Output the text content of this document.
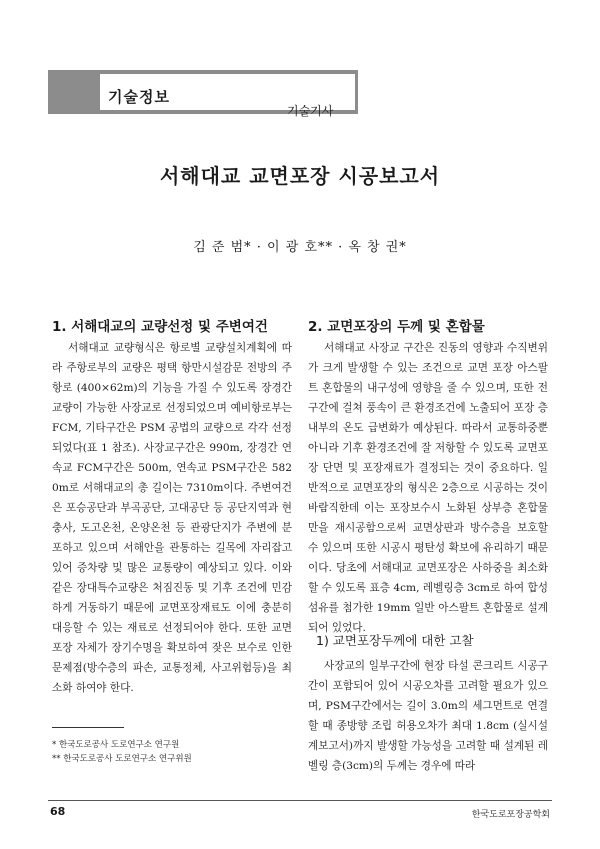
기술정보
기술기사
서해대교 교면포장 시공보고서
김 준 범* · 이 광 호** · 옥 창 권*
1. 서해대교의 교량선정 및 주변여건
서해대교 교량형식은 항로별 교량설치계획에 따라 주항로부의 교량은 평택 항만시설감문 전방의 주항로 (400×62m)의 기능을 가질 수 있도록 장경간 교량이 가능한 사장교로 선정되었으며 예비항로부는 FCM, 기타구간은 PSM 공법의 교량으로 각각 선정되었다(표 1 참조). 사장교구간은 990m, 장경간 연속교 FCM구간은 500m, 연속교 PSM구간은 5820m로 서해대교의 총 길이는 7310m이다. 주변여건은 포승공단과 부곡공단, 고대공단 등 공단지역과 현충사, 도고온천, 온양온천 등 관광단지가 주변에 분포하고 있으며 서해안을 관통하는 길목에 자리잡고 있어 증차량 및 많은 교통량이 예상되고 있다. 이와 같은 장대특수교량은 처짐진동 및 기후 조건에 민감하게 거동하기 때문에 교면포장재료도 이에 충분히 대응할 수 있는 재료로 선정되어야 한다. 또한 교면포장 자체가 장기수명을 확보하여 잦은 보수로 인한 문제점(방수층의 파손, 교통정체, 사고위험등)을 최소화 하여야 한다.
2. 교면포장의 두께 및 혼합물
서해대교 사장교 구간은 진동의 영향과 수직변위가 크게 발생할 수 있는 조건으로 교면 포장 아스팔트 혼합물의 내구성에 영향을 줄 수 있으며, 또한 전구간에 걸쳐 풍속이 큰 환경조건에 노출되어 포장 층 내부의 온도 급변화가 예상된다. 따라서 교통하중뿐 아니라 기후 환경조건에 잘 저항할 수 있도록 교면포장 단면 및 포장재료가 결정되는 것이 중요하다. 일반적으로 교면포장의 형식은 2층으로 시공하는 것이 바람직한데 이는 포장보수시 노화된 상부층 혼합물만을 재시공함으로써 교면상판과 방수층을 보호할 수 있으며 또한 시공시 평탄성 확보에 유리하기 때문이다. 당초에 서해대교 교면포장은 사하중을 최소화 할 수 있도록 표층 4cm, 레벨링층 3cm로 하여 합성섬유를 첨가한 19mm 일반 아스팔트 혼합물로 설계되어 있었다.
1) 교면포장두께에 대한 고찰
사장교의 일부구간에 현장 타설 콘크리트 시공구간이 포함되어 있어 시공오차를 고려할 필요가 있으며, PSM구간에서는 길이 3.0m의 세그먼트로 연결할 때 종방향 조립 허용오차가 최대 1.8cm (실시설계보고서)까지 발생할 가능성을 고려할 때 설계된 레벨링 층(3cm)의 두께는 경우에 따라
* 한국도로공사 도로연구소 연구원
** 한국도로공사 도로연구소 연구위원
68	한국도로포장공학회
